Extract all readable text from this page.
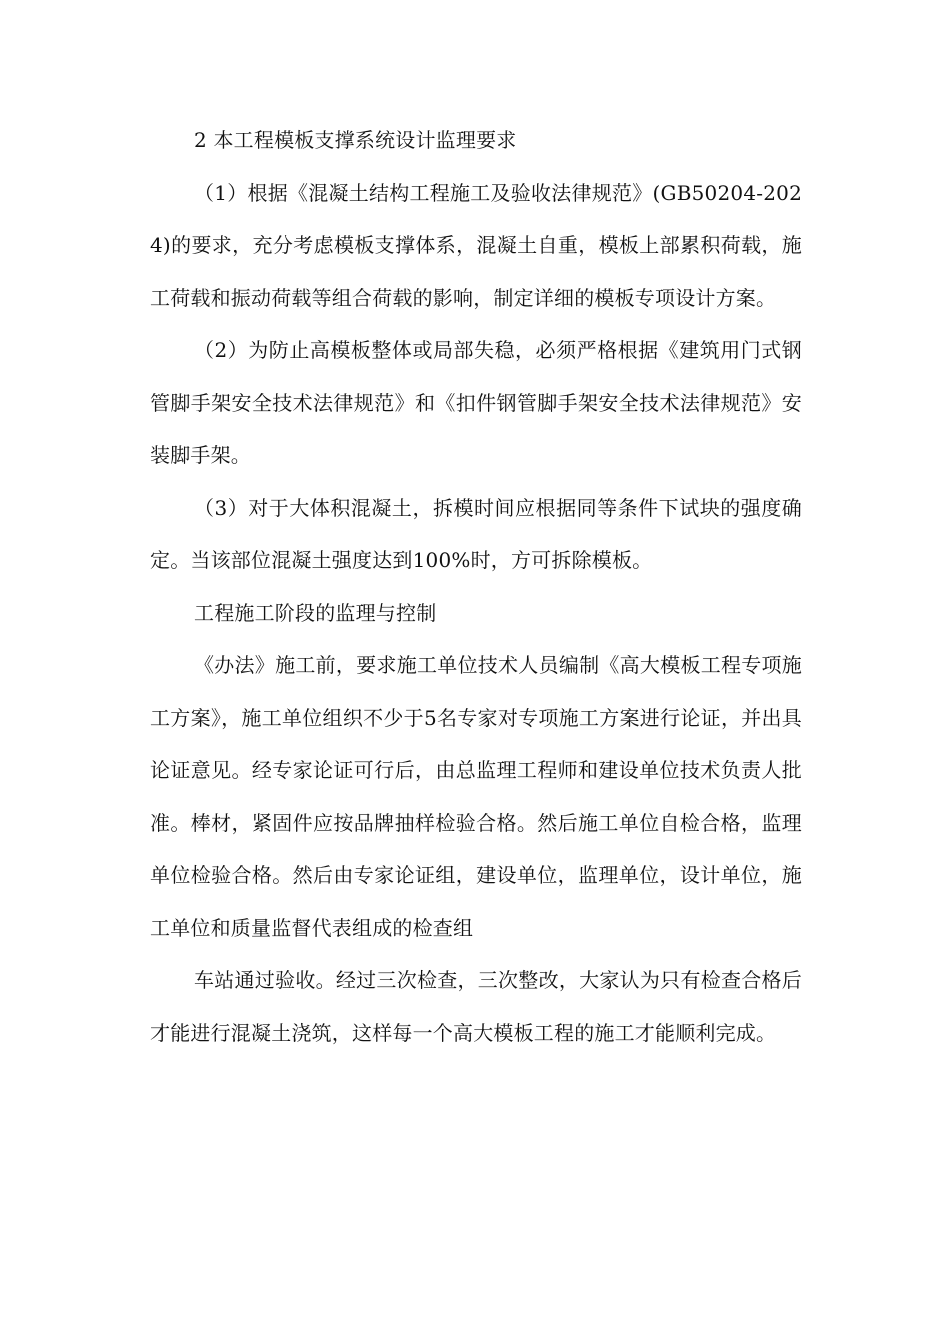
2 本工程模板支撑系统设计监理要求

（1）根据《混凝土结构工程施工及验收法律规范》(GB50204-2024)的要求，充分考虑模板支撑体系，混凝土自重，模板上部累积荷载，施工荷载和振动荷载等组合荷载的影响，制定详细的模板专项设计方案。

（2）为防止高模板整体或局部失稳，必须严格根据《建筑用门式钢管脚手架安全技术法律规范》和《扣件钢管脚手架安全技术法律规范》安装脚手架。

（3）对于大体积混凝土，拆模时间应根据同等条件下试块的强度确定。当该部位混凝土强度达到100%时，方可拆除模板。

工程施工阶段的监理与控制

《办法》施工前，要求施工单位技术人员编制《高大模板工程专项施工方案》，施工单位组织不少于5名专家对专项施工方案进行论证，并出具论证意见。经专家论证可行后，由总监理工程师和建设单位技术负责人批准。棒材，紧固件应按品牌抽样检验合格。然后施工单位自检合格，监理单位检验合格。然后由专家论证组，建设单位，监理单位，设计单位，施工单位和质量监督代表组成的检查组

车站通过验收。经过三次检查，三次整改，大家认为只有检查合格后才能进行混凝土浇筑，这样每一个高大模板工程的施工才能顺利完成。
